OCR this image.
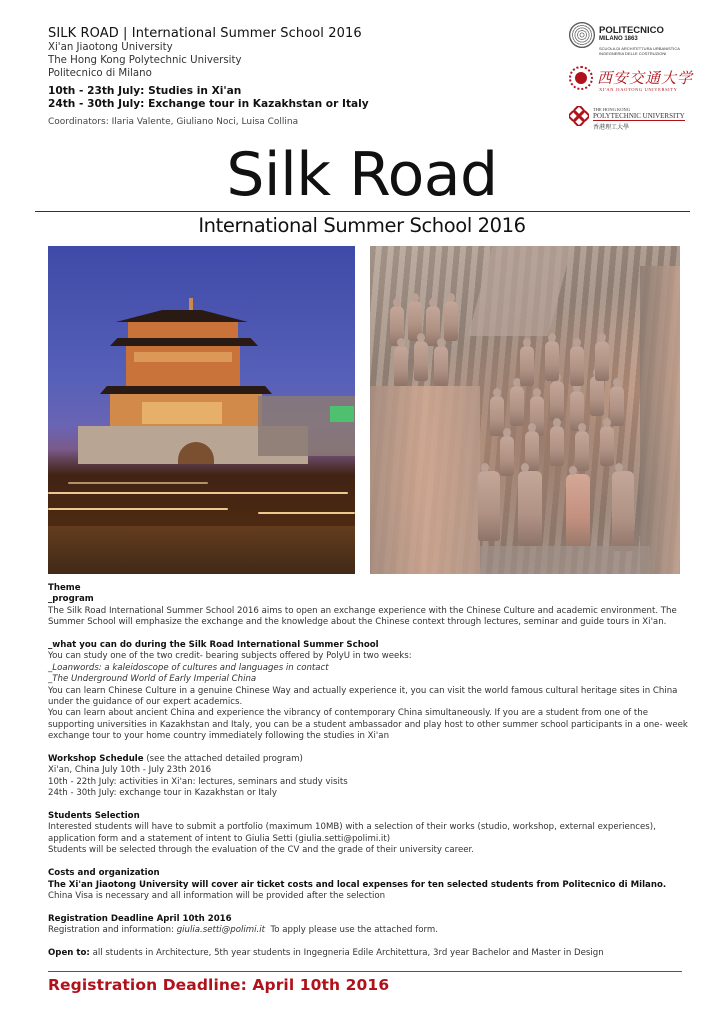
SILK ROAD | International Summer School 2016
Xi'an Jiaotong University
The Hong Kong Polytechnic University
Politecnico di Milano
10th - 23th July: Studies in Xi'an
24th - 30th July: Exchange tour in Kazakhstan or Italy
Coordinators: Ilaria Valente, Giuliano Noci, Luisa Collina
POLITECNICO
MILANO 1863
SCUOLA DI ARCHITETTURA URBANISTICA
INGEGNERIA DELLE COSTRUZIONI
西安交通大学
XI'AN JIAOTONG UNIVERSITY
THE HONG KONG
POLYTECHNIC UNIVERSITY
香港理工大學
Silk Road
International Summer School 2016

Theme

_program

The Silk Road International Summer School 2016 aims to open an exchange experience with the Chinese Culture and academic environment. The Summer School will emphasize the exchange and the knowledge about the Chinese context through lectures, seminar and guide tours in Xi'an.

_what you can do during the Silk Road International Summer School

You can study one of the two credit- bearing subjects offered by PolyU in two weeks:

_Loanwords: a kaleidoscope of cultures and languages in contact

_The Underground World of Early Imperial China

You can learn Chinese Culture in a genuine Chinese Way and actually experience it, you can visit the world famous cultural heritage sites in China under the guidance of our expert academics.

You can learn about ancient China and experience the vibrancy of contemporary China simultaneously. If you are a student from one of the supporting universities in Kazakhstan and Italy, you can be a student ambassador and play host to other summer school participants in a one- week exchange tour to your home country immediately following the studies in Xi'an

Workshop Schedule (see the attached detailed program)

Xi'an, China July 10th - July 23th 2016

10th - 22th July: activities in Xi'an: lectures, seminars and study visits

24th - 30th July: exchange tour in Kazakhstan or Italy

Students Selection

Interested students will have to submit a portfolio (maximum 10MB) with a selection of their works (studio, workshop, external experiences), application form and a statement of intent to Giulia Setti (giulia.setti@polimi.it)

Students will be selected through the evaluation of the CV and the grade of their university career.

Costs and organization

The Xi'an Jiaotong University will cover air ticket costs and local expenses for ten selected students from Politecnico di Milano.

China Visa is necessary and all information will be provided after the selection

Registration Deadline April 10th 2016

Registration and information: giulia.setti@polimi.it  To apply please use the attached form.

Open to: all students in Architecture, 5th year students in Ingegneria Edile Architettura, 3rd year Bachelor and Master in Design

Registration Deadline: April 10th 2016
